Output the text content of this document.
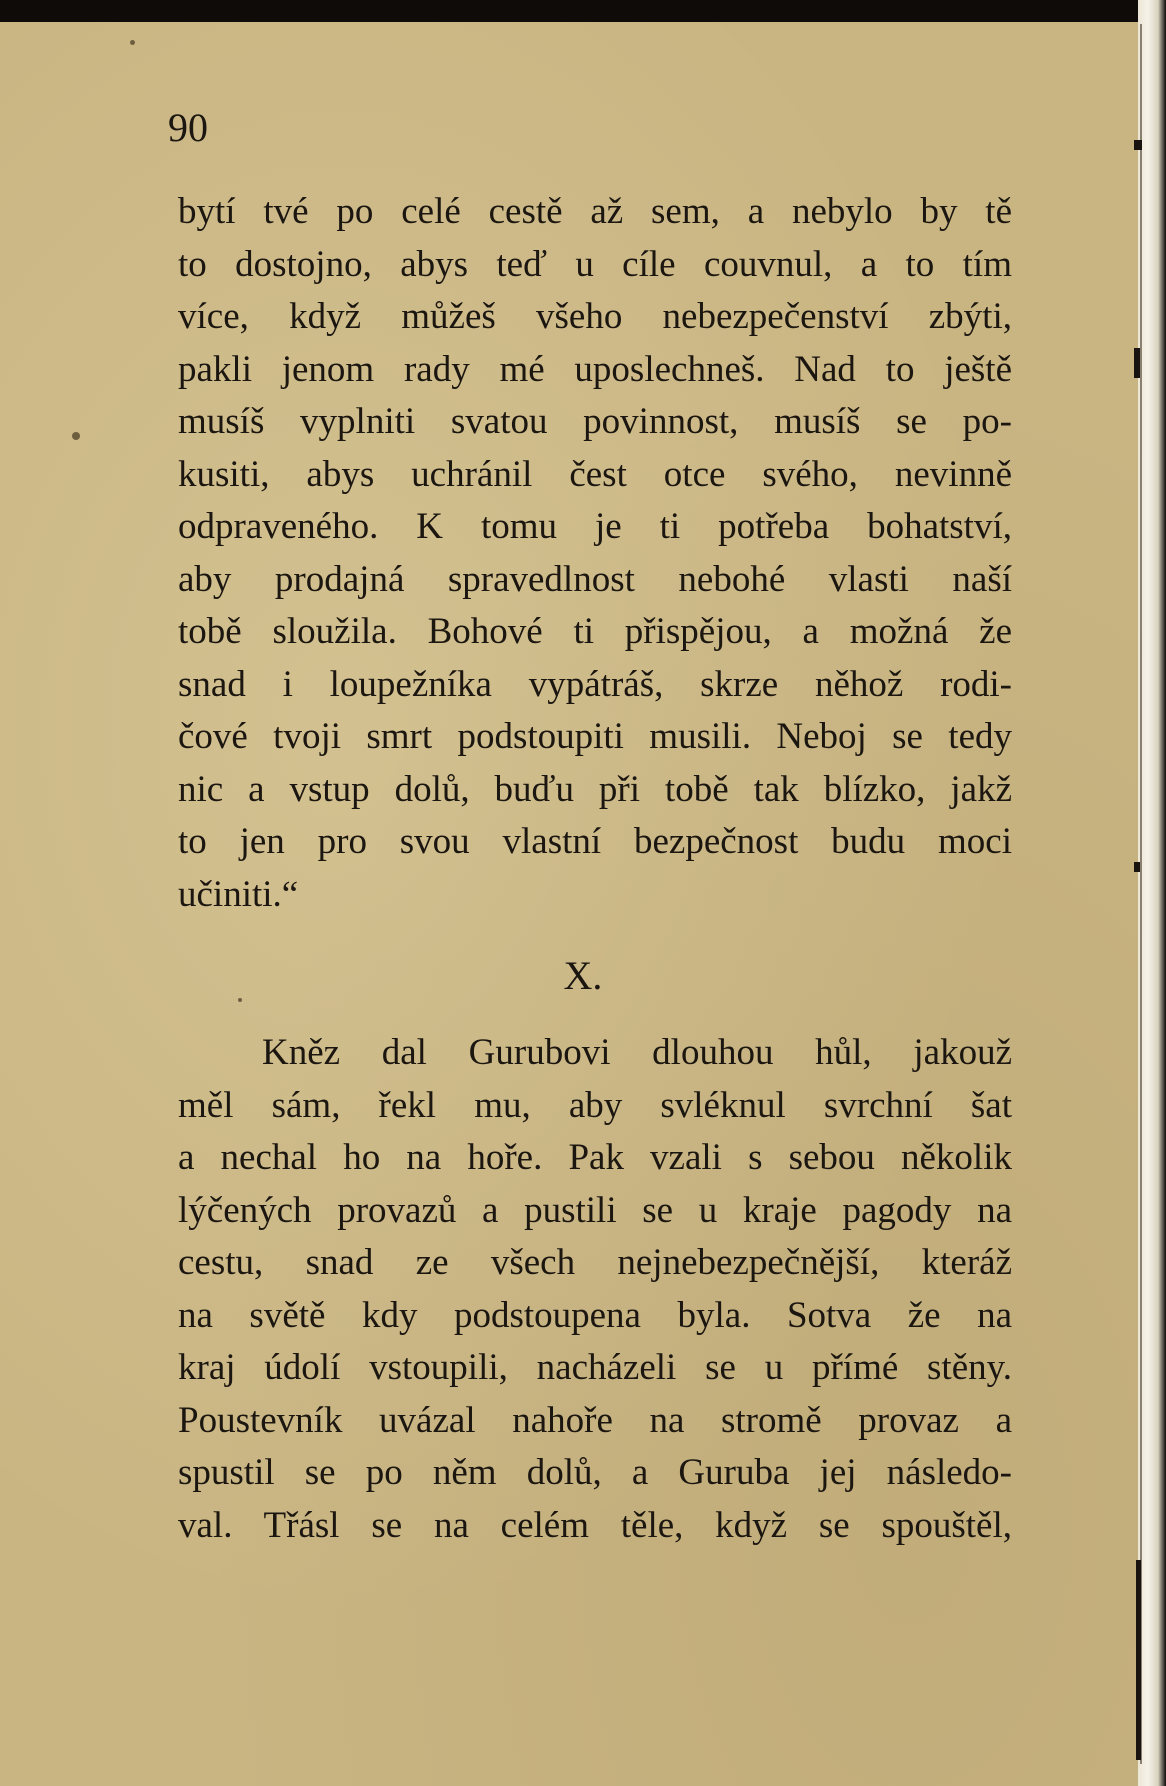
90
bytí tvé po celé cestě až sem, a nebylo by tě
to dostojno, abys teď u cíle couvnul, a to tím
více, když můžeš všeho nebezpečenství zbýti,
pakli jenom rady mé uposlechneš. Nad to ještě
musíš vyplniti svatou povinnost, musíš se po-
kusiti, abys uchránil čest otce svého, nevinně
odpraveného. K tomu je ti potřeba bohatství,
aby prodajná spravedlnost nebohé vlasti naší
tobě sloužila. Bohové ti přispějou, a možná že
snad i loupežníka vypátráš, skrze něhož rodi-
čové tvoji smrt podstoupiti musili. Neboj se tedy
nic a vstup dolů, buďu při tobě tak blízko, jakž
to jen pro svou vlastní bezpečnost budu moci
učiniti.“
X.
Kněz dal Gurubovi dlouhou hůl, jakouž
měl sám, řekl mu, aby svléknul svrchní šat
a nechal ho na hoře. Pak vzali s sebou několik
lýčených provazů a pustili se u kraje pagody na
cestu, snad ze všech nejnebezpečnější, kteráž
na světě kdy podstoupena byla. Sotva že na
kraj údolí vstoupili, nacházeli se u přímé stěny.
Poustevník uvázal nahoře na stromě provaz a
spustil se po něm dolů, a Guruba jej následo-
val. Třásl se na celém těle, když se spouštěl,
